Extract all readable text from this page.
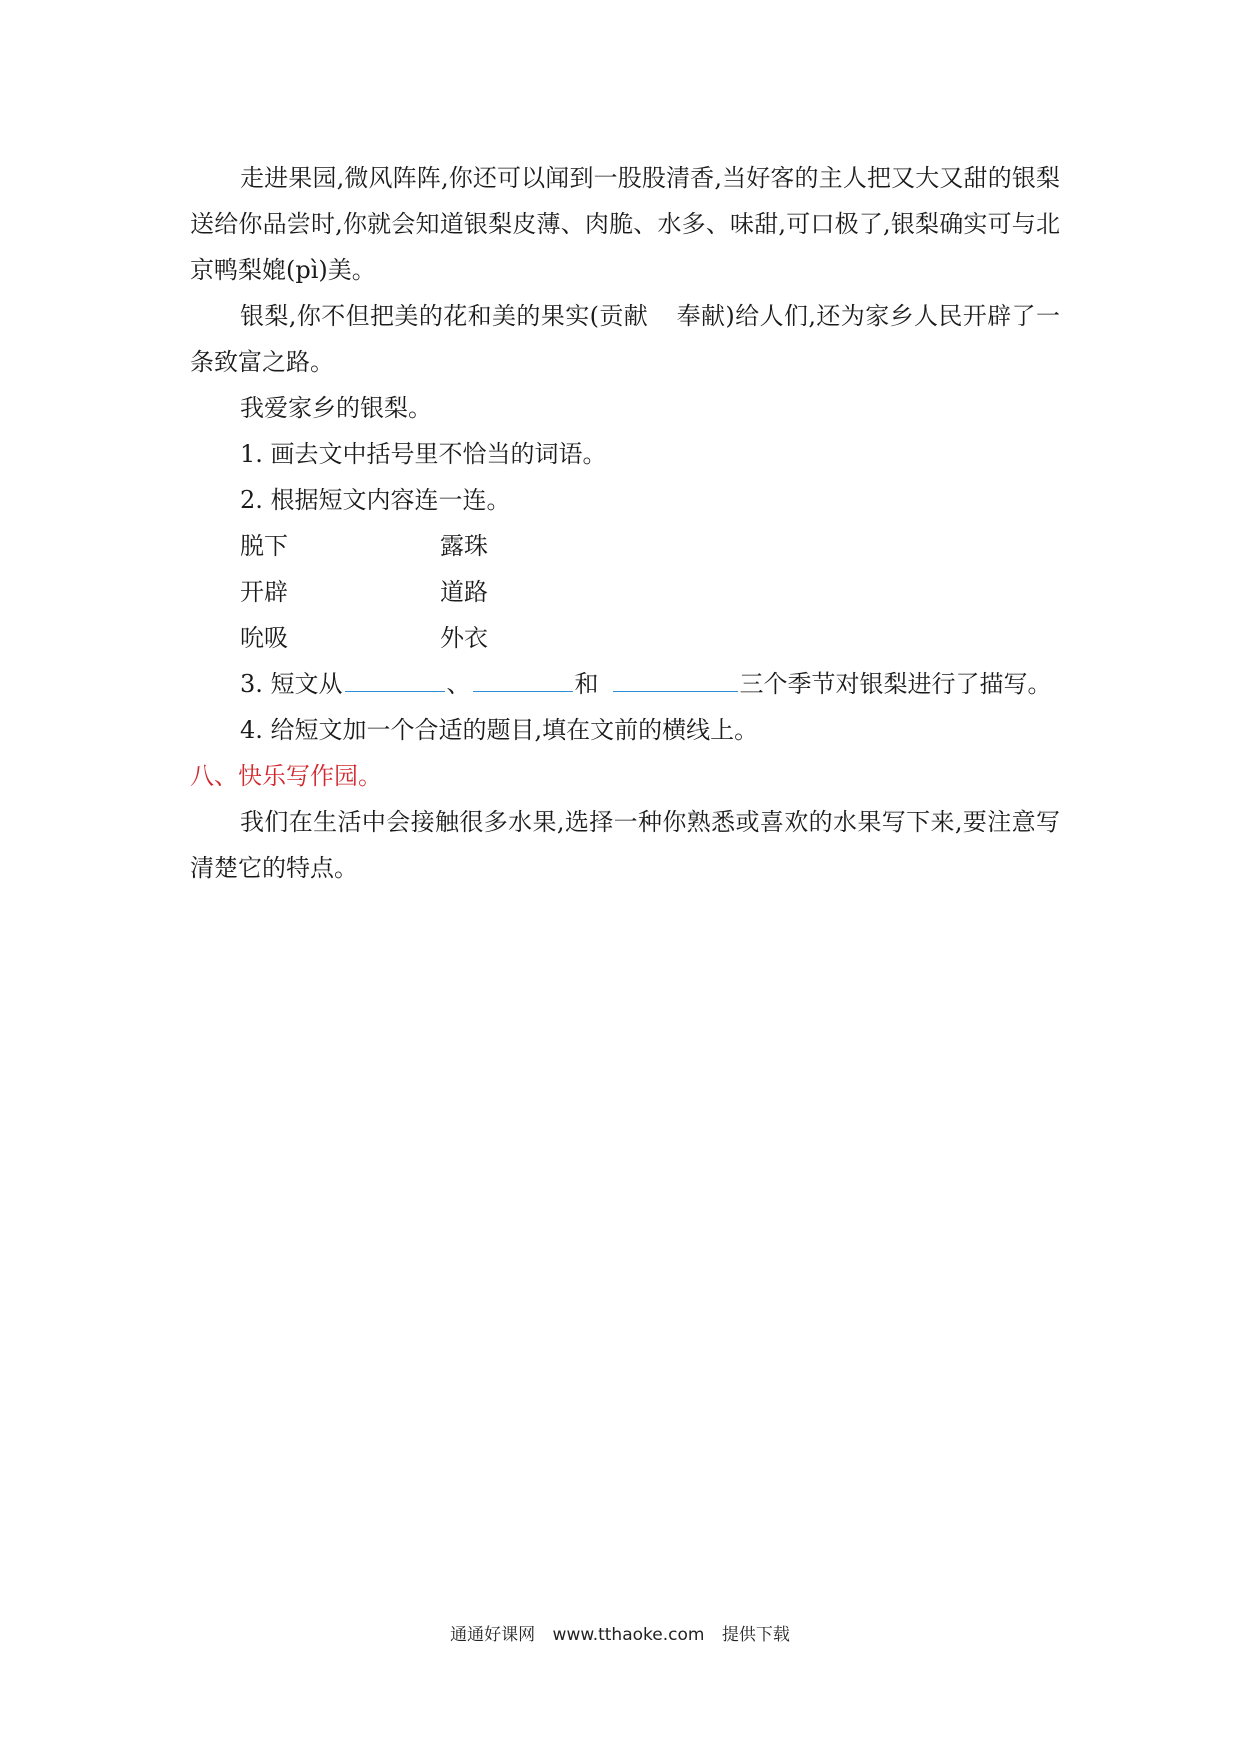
走进果园,微风阵阵,你还可以闻到一股股清香,当好客的主人把又大又甜的银梨送给你品尝时,你就会知道银梨皮薄、肉脆、水多、味甜,可口极了,银梨确实可与北京鸭梨媲(pì)美。

银梨,你不但把美的花和美的果实(贡献 奉献)给人们,还为家乡人民开辟了一条致富之路。

我爱家乡的银梨。

1. 画去文中括号里不恰当的词语。

2. 根据短文内容连一连。

脱下	露珠
开辟	道路
吮吸	外衣

3. 短文从	、	和	三个季节对银梨进行了描写。

4. 给短文加一个合适的题目,填在文前的横线上。

八、快乐写作园。

我们在生活中会接触很多水果,选择一种你熟悉或喜欢的水果写下来,要注意写清楚它的特点。

通通好课网 www.tthaoke.com 提供下载
